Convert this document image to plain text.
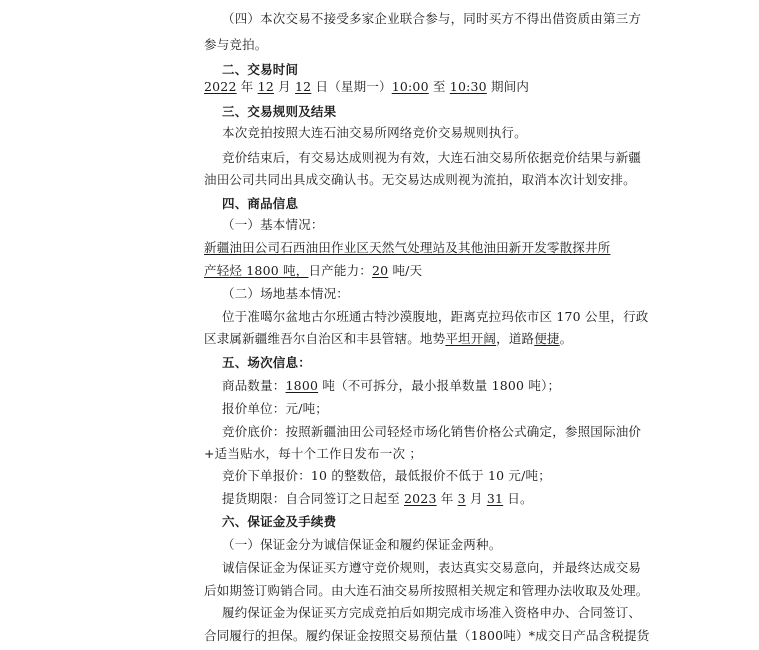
（四）本次交易不接受多家企业联合参与，同时买方不得出借资质由第三方
参与竞拍。
二、交易时间
2022 年 12 月 12 日（星期一）10:00 至 10:30 期间内
三、交易规则及结果
本次竞拍按照大连石油交易所网络竞价交易规则执行。
竞价结束后，有交易达成则视为有效，大连石油交易所依据竞价结果与新疆
油田公司共同出具成交确认书。无交易达成则视为流拍，取消本次计划安排。
四、商品信息
（一）基本情况：
新疆油田公司石西油田作业区天然气处理站及其他油田新开发零散探井所
产轻烃 1800 吨，日产能力：20 吨/天
（二）场地基本情况：
位于准噶尔盆地古尔班通古特沙漠腹地，距离克拉玛依市区 170 公里，行政
区隶属新疆维吾尔自治区和丰县管辖。地势平坦开阔，道路便捷。
五、场次信息：
商品数量：1800 吨（不可拆分，最小报单数量 1800 吨）；
报价单位：元/吨；
竞价底价：按照新疆油田公司轻烃市场化销售价格公式确定，参照国际油价
+适当贴水，每十个工作日发布一次 ；
竞价下单报价：10 的整数倍，最低报价不低于 10 元/吨；
提货期限：自合同签订之日起至 2023 年 3 月 31 日。
六、保证金及手续费
（一）保证金分为诚信保证金和履约保证金两种。
诚信保证金为保证买方遵守竞价规则，表达真实交易意向，并最终达成交易
后如期签订购销合同。由大连石油交易所按照相关规定和管理办法收取及处理。
履约保证金为保证买方完成竞拍后如期完成市场准入资格申办、合同签订、
合同履行的担保。履约保证金按照交易预估量（1800吨）*成交日产品含税提货
